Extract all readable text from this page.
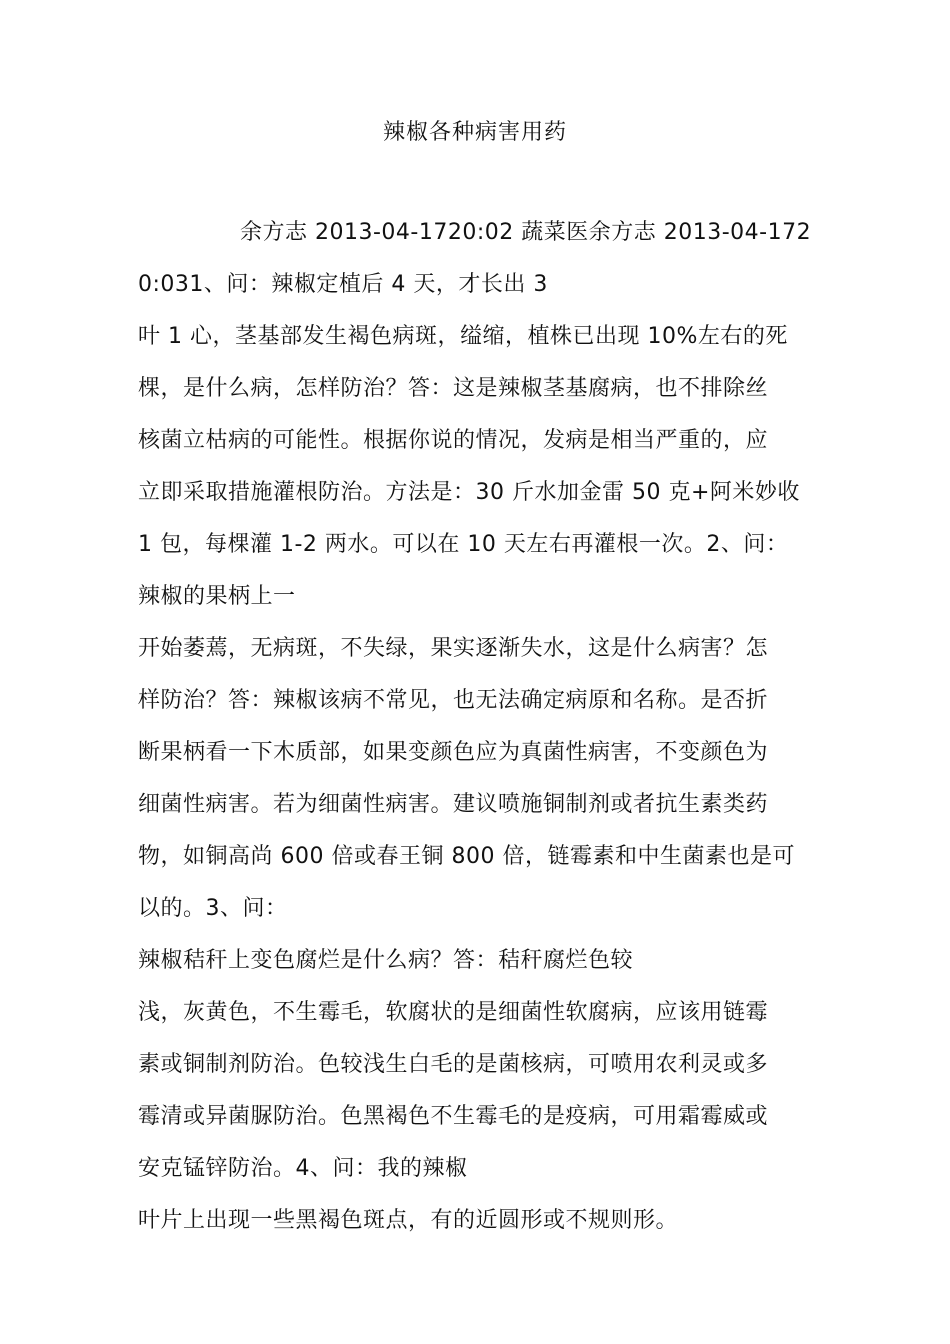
辣椒各种病害用药
余方志 2013-04-1720:02 蔬菜医余方志 2013-04-172
0:031、问：辣椒定植后 4 天，才长出 3
叶 1 心，茎基部发生褐色病斑，缢缩，植株已出现 10%左右的死
棵，是什么病，怎样防治？答：这是辣椒茎基腐病，也不排除丝
核菌立枯病的可能性。根据你说的情况，发病是相当严重的，应
立即采取措施灌根防治。方法是：30 斤水加金雷 50 克+阿米妙收
1 包，每棵灌 1-2 两水。可以在 10 天左右再灌根一次。2、问：
辣椒的果柄上一
开始萎蔫，无病斑，不失绿，果实逐渐失水，这是什么病害？怎
样防治？答：辣椒该病不常见，也无法确定病原和名称。是否折
断果柄看一下木质部，如果变颜色应为真菌性病害，不变颜色为
细菌性病害。若为细菌性病害。建议喷施铜制剂或者抗生素类药
物，如铜高尚 600 倍或春王铜 800 倍，链霉素和中生菌素也是可
以的。3、问：
辣椒秸秆上变色腐烂是什么病？答：秸秆腐烂色较
浅，灰黄色，不生霉毛，软腐状的是细菌性软腐病，应该用链霉
素或铜制剂防治。色较浅生白毛的是菌核病，可喷用农利灵或多
霉清或异菌脲防治。色黑褐色不生霉毛的是疫病，可用霜霉威或
安克锰锌防治。4、问：我的辣椒
叶片上出现一些黑褐色斑点，有的近圆形或不规则形。
